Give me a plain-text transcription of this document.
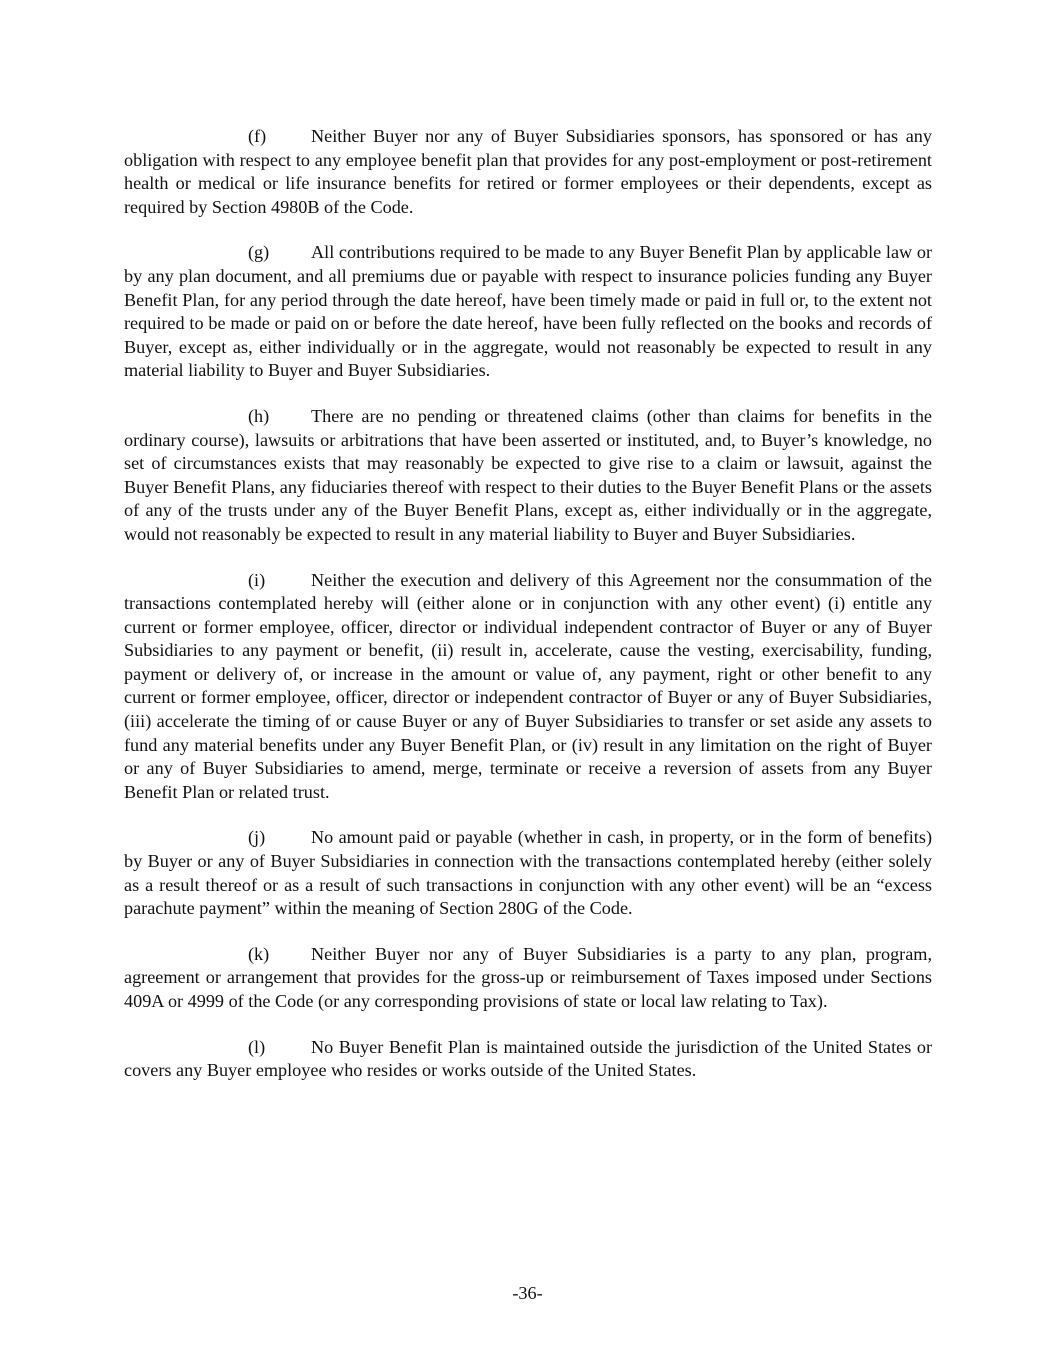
(f) Neither Buyer nor any of Buyer Subsidiaries sponsors, has sponsored or has any obligation with respect to any employee benefit plan that provides for any post-employment or post-retirement health or medical or life insurance benefits for retired or former employees or their dependents, except as required by Section 4980B of the Code.

(g) All contributions required to be made to any Buyer Benefit Plan by applicable law or by any plan document, and all premiums due or payable with respect to insurance policies funding any Buyer Benefit Plan, for any period through the date hereof, have been timely made or paid in full or, to the extent not required to be made or paid on or before the date hereof, have been fully reflected on the books and records of Buyer, except as, either individually or in the aggregate, would not reasonably be expected to result in any material liability to Buyer and Buyer Subsidiaries.

(h) There are no pending or threatened claims (other than claims for benefits in the ordinary course), lawsuits or arbitrations that have been asserted or instituted, and, to Buyer’s knowledge, no set of circumstances exists that may reasonably be expected to give rise to a claim or lawsuit, against the Buyer Benefit Plans, any fiduciaries thereof with respect to their duties to the Buyer Benefit Plans or the assets of any of the trusts under any of the Buyer Benefit Plans, except as, either individually or in the aggregate, would not reasonably be expected to result in any material liability to Buyer and Buyer Subsidiaries.

(i)	Neither the execution and delivery of this Agreement nor the consummation of the transactions contemplated hereby will (either alone or in conjunction with any other event) (i) entitle any current or former employee, officer, director or individual independent contractor of Buyer or any of Buyer Subsidiaries to any payment or benefit, (ii) result in, accelerate, cause the vesting, exercisability, funding, payment or delivery of, or increase in the amount or value of, any payment, right or other benefit to any current or former employee, officer, director or independent contractor of Buyer or any of Buyer Subsidiaries, (iii) accelerate the timing of or cause Buyer or any of Buyer Subsidiaries to transfer or set aside any assets to fund any material benefits under any Buyer Benefit Plan, or (iv) result in any limitation on the right of Buyer or any of Buyer Subsidiaries to amend, merge, terminate or receive a reversion of assets from any Buyer Benefit Plan or related trust.

(j)	No amount paid or payable (whether in cash, in property, or in the form of benefits) by Buyer or any of Buyer Subsidiaries in connection with the transactions contemplated hereby (either solely as a result thereof or as a result of such transactions in conjunction with any other event) will be an “excess parachute payment” within the meaning of Section 280G of the Code.

(k) Neither Buyer nor any of Buyer Subsidiaries is a party to any plan, program, agreement or arrangement that provides for the gross-up or reimbursement of Taxes imposed under Sections 409A or 4999 of the Code (or any corresponding provisions of state or local law relating to Tax).

(l)	No Buyer Benefit Plan is maintained outside the jurisdiction of the United States or covers any Buyer employee who resides or works outside of the United States.

-36-
